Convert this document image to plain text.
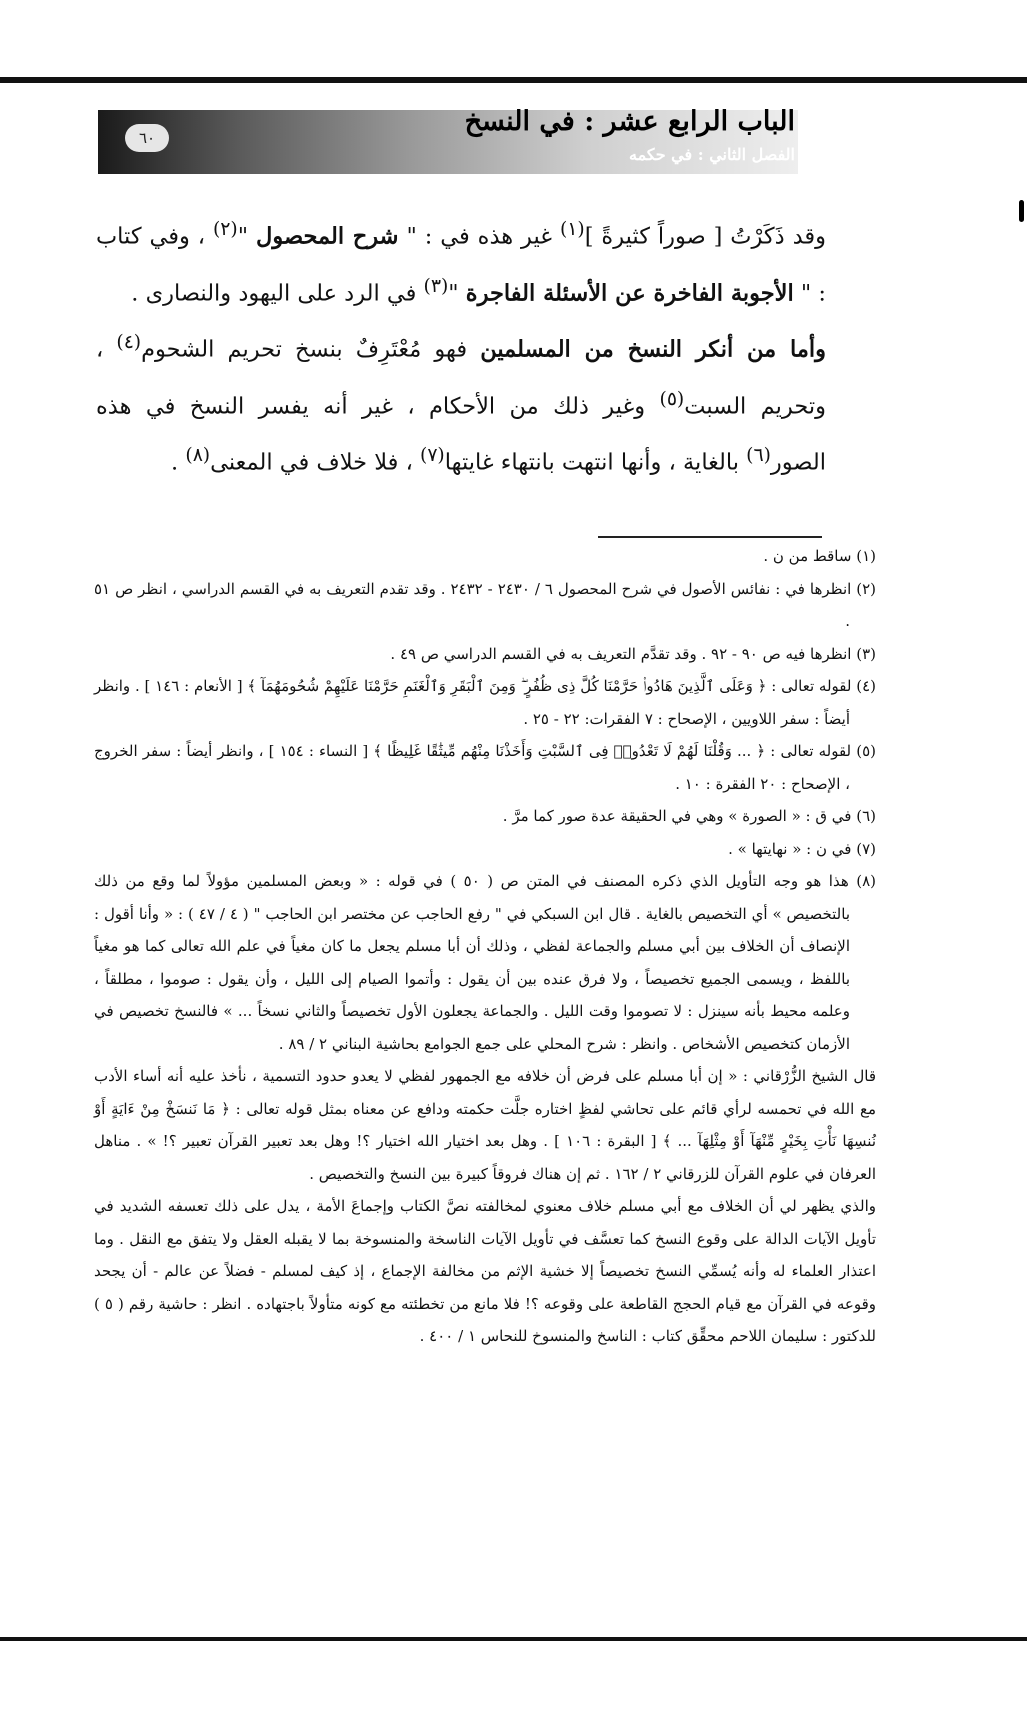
٦٠
الباب الرابع عشر : في النسخ
الفصل الثاني : في حكمه

وقد ذَكَرْتُ [ صوراً كثيرةً ]$^{(١)}$ غير هذه في : " شرح المحصول "$^{(٢)}$ ، وفي كتاب : " الأجوبة الفاخرة عن الأسئلة الفاجرة "$^{(٣)}$ في الرد على اليهود والنصارى .

وأما من أنكر النسخ من المسلمين فهو مُعْتَرِفٌ بنسخ تحريم الشحوم$^{(٤)}$ ، وتحريم السبت$^{(٥)}$ وغير ذلك من الأحكام ، غير أنه يفسر النسخ في هذه الصور$^{(٦)}$ بالغاية ، وأنها انتهت بانتهاء غايتها$^{(٧)}$ ، فلا خلاف في المعنى$^{(٨)}$ .

(١) ساقط من ن .

(٢) انظرها في : نفائس الأصول في شرح المحصول ٦ / ٢٤٣٠ - ٢٤٣٢ . وقد تقدم التعريف به في القسم الدراسي ، انظر ص ٥١ .

(٣) انظرها فيه ص ٩٠ - ٩٢ . وقد تقدَّم التعريف به في القسم الدراسي ص ٤٩ .

(٤) لقوله تعالى : ﴿ وَعَلَى ٱلَّذِينَ هَادُوا۟ حَرَّمْنَا كُلَّ ذِى ظُفُرٍ ۖ وَمِنَ ٱلْبَقَرِ وَٱلْغَنَمِ حَرَّمْنَا عَلَيْهِمْ شُحُومَهُمَآ ﴾ [ الأنعام : ١٤٦ ] . وانظر أيضاً : سفر اللاويين ، الإصحاح : ٧ الفقرات: ٢٢ - ٢٥ .

(٥) لقوله تعالى : ﴿ ... وَقُلْنَا لَهُمْ لَا تَعْدُوا۟ فِى ٱلسَّبْتِ وَأَخَذْنَا مِنْهُم مِّيثَٰقًا غَلِيظًا ﴾ [ النساء : ١٥٤ ] ، وانظر أيضاً : سفر الخروج ، الإصحاح : ٢٠ الفقرة : ١٠ .

(٦) في ق : « الصورة » وهي في الحقيقة عدة صور كما مرَّ .

(٧) في ن : « نهايتها » .

(٨) هذا هو وجه التأويل الذي ذكره المصنف في المتن ص ( ٥٠ ) في قوله : « وبعض المسلمين مؤولاً لما وقع من ذلك بالتخصيص » أي التخصيص بالغاية . قال ابن السبكي في " رفع الحاجب عن مختصر ابن الحاجب " ( ٤ / ٤٧ ) : « وأنا أقول : الإنصاف أن الخلاف بين أبي مسلم والجماعة لفظي ، وذلك أن أبا مسلم يجعل ما كان مغياً في علم الله تعالى كما هو مغياً باللفظ ، ويسمى الجميع تخصيصاً ، ولا فرق عنده بين أن يقول : وأتموا الصيام إلى الليل ، وأن يقول : صوموا ، مطلقاً ، وعلمه محيط بأنه سينزل : لا تصوموا وقت الليل . والجماعة يجعلون الأول تخصيصاً والثاني نسخاً ... » فالنسخ تخصيص في الأزمان كتخصيص الأشخاص . وانظر : شرح المحلي على جمع الجوامع بحاشية البناني ٢ / ٨٩ .

قال الشيخ الزُّرْقاني : « إن أبا مسلم على فرض أن خلافه مع الجمهور لفظي لا يعدو حدود التسمية ، نأخذ عليه أنه أساء الأدب مع الله في تحمسه لرأي قائم على تحاشي لفظٍ اختاره جلَّت حكمته ودافع عن معناه بمثل قوله تعالى : ﴿ مَا نَنسَخْ مِنْ ءَايَةٍ أَوْ نُنسِهَا نَأْتِ بِخَيْرٍ مِّنْهَآ أَوْ مِثْلِهَآ ... ﴾ [ البقرة : ١٠٦ ] . وهل بعد اختيار الله اختيار ؟! وهل بعد تعبير القرآن تعبير ؟! » . مناهل العرفان في علوم القرآن للزرقاني ٢ / ١٦٢ . ثم إن هناك فروقاً كبيرة بين النسخ والتخصيص .

والذي يظهر لي أن الخلاف مع أبي مسلم خلاف معنوي لمخالفته نصَّ الكتاب وإجماعَ الأمة ، يدل على ذلك تعسفه الشديد في تأويل الآيات الدالة على وقوع النسخ كما تعسَّف في تأويل الآيات الناسخة والمنسوخة بما لا يقبله العقل ولا يتفق مع النقل . وما اعتذار العلماء له وأنه يُسمِّي النسخ تخصيصاً إلا خشية الإثم من مخالفة الإجماع ، إذ كيف لمسلم - فضلاً عن عالم - أن يجحد وقوعه في القرآن مع قيام الحجج القاطعة على وقوعه ؟! فلا مانع من تخطئته مع كونه متأولاً باجتهاده . انظر : حاشية رقم ( ٥ ) للدكتور : سليمان اللاحم محقِّق كتاب : الناسخ والمنسوخ للنحاس ١ / ٤٠٠ .
